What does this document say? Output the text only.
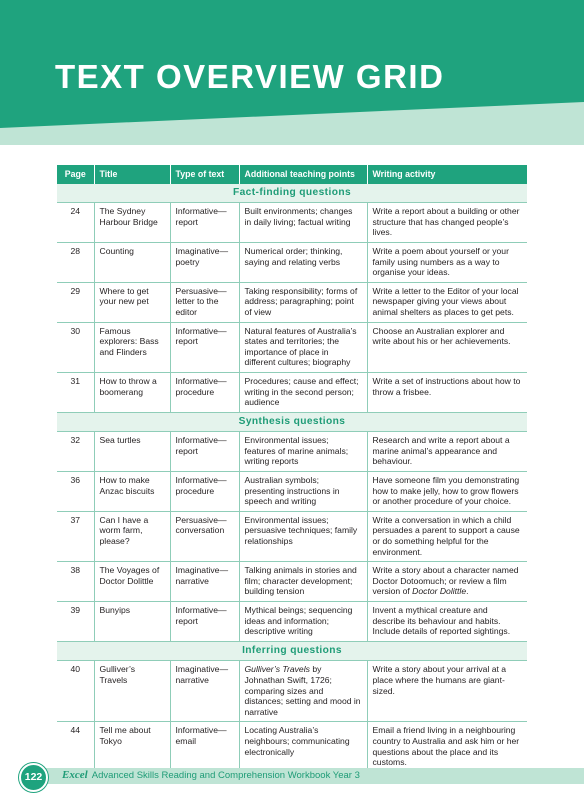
TEXT OVERVIEW GRID
Page	Title	Type of text	Additional teaching points	Writing activity
Fact-finding questions				
24	The Sydney Harbour Bridge	Informative—report	Built environments; changes in daily living; factual writing	Write a report about a building or other structure that has changed people’s lives.
28	Counting	Imaginative—poetry	Numerical order; thinking, saying and relating verbs	Write a poem about yourself or your family using numbers as a way to organise your ideas.
29	Where to get your new pet	Persuasive—letter to the editor	Taking responsibility; forms of address; paragraphing; point of view	Write a letter to the Editor of your local newspaper giving your views about animal shelters as places to get pets.
30	Famous explorers: Bass and Flinders	Informative—report	Natural features of Australia’s states and territories; the importance of place in different cultures; biography	Choose an Australian explorer and write about his or her achievements.
31	How to throw a boomerang	Informative—procedure	Procedures; cause and effect; writing in the second person; audience	Write a set of instructions about how to throw a frisbee.
Synthesis questions				
32	Sea turtles	Informative—report	Environmental issues; features of marine animals; writing reports	Research and write a report about a marine animal’s appearance and behaviour.
36	How to make Anzac biscuits	Informative—procedure	Australian symbols; presenting instructions in speech and writing	Have someone film you demonstrating how to make jelly, how to grow flowers or another procedure of your choice.
37	Can I have a worm farm, please?	Persuasive—conversation	Environmental issues; persuasive techniques; family relationships	Write a conversation in which a child persuades a parent to support a cause or do something helpful for the environment.
38	The Voyages of Doctor Dolittle	Imaginative—narrative	Talking animals in stories and film; character development; building tension	Write a story about a character named Doctor Dotoomuch; or review a film version of Doctor Dolittle.
39	Bunyips	Informative—report	Mythical beings; sequencing ideas and information; descriptive writing	Invent a mythical creature and describe its behaviour and habits. Include details of reported sightings.
Inferring questions				
40	Gulliver’s Travels	Imaginative—narrative	Gulliver’s Travels by Johnathan Swift, 1726; comparing sizes and distances; setting and mood in narrative	Write a story about your arrival at a place where the humans are giant-sized.
44	Tell me about Tokyo	Informative—email	Locating Australia’s neighbours; communicating electronically	Email a friend living in a neighbouring country to Australia and ask him or her questions about the place and its customs.
122	Excel Advanced Skills Reading and Comprehension Workbook Year 3
